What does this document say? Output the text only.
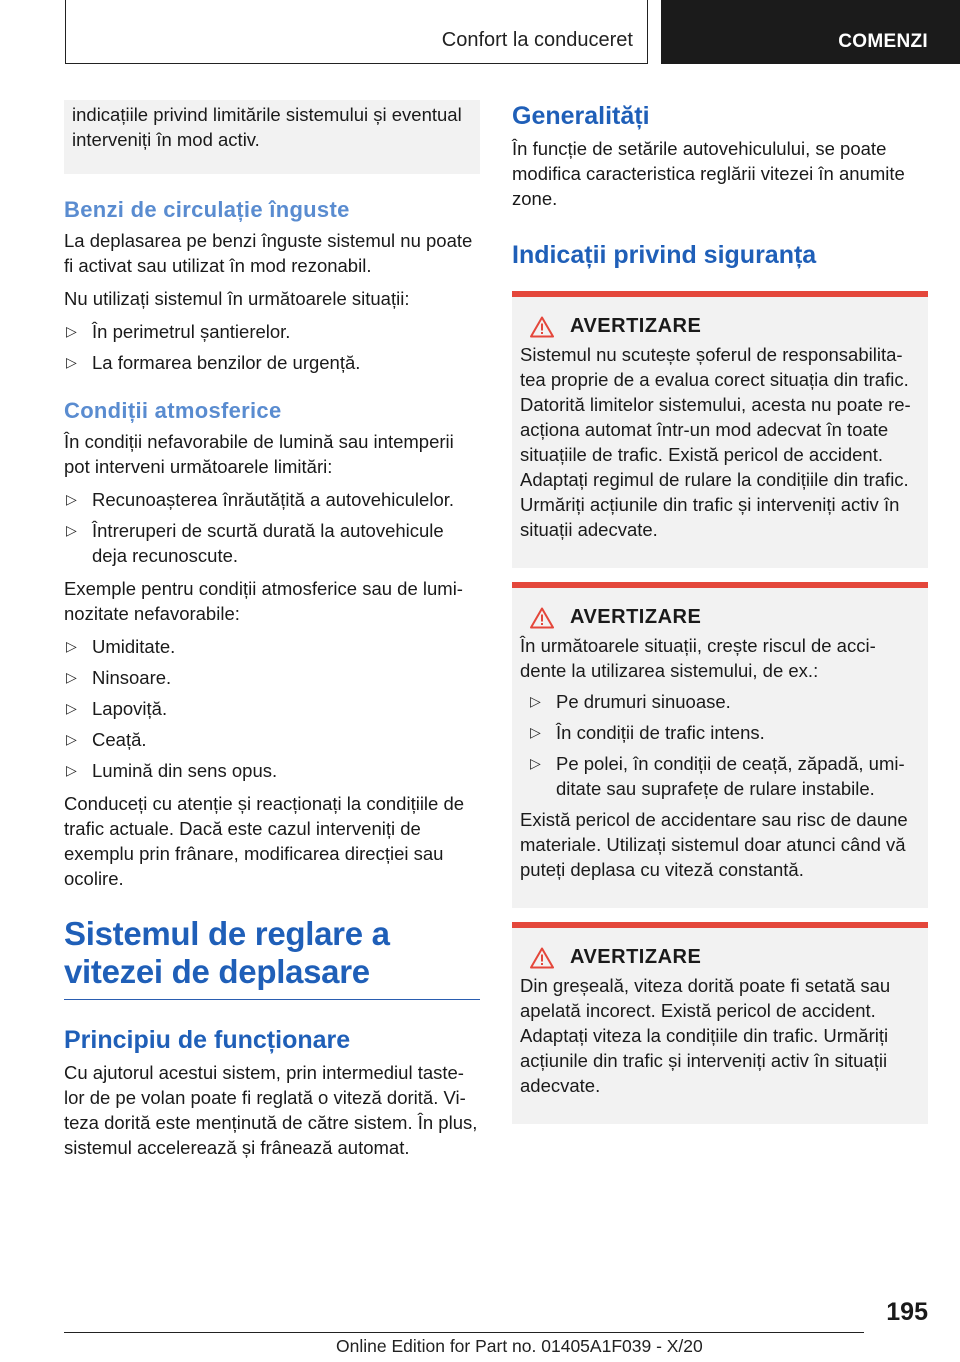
Confort la conduceret	COMENZI

indicațiile privind limitările sistemului și eventual interveniți în mod activ.

Benzi de circulație înguste

La deplasarea pe benzi înguste sistemul nu poate fi activat sau utilizat în mod rezonabil.

Nu utilizați sistemul în următoarele situații:

▷ În perimetrul șantierelor.
▷ La formarea benzilor de urgență.
Condiții atmosferice

În condiții nefavorabile de lumină sau intemperii pot interveni următoarele limitări:

▷ Recunoașterea înrăutățită a autovehiculelor.
▷ Întreruperi de scurtă durată la autovehicule deja recunoscute.

Exemple pentru condiții atmosferice sau de lumi-nozitate nefavorabile:

▷ Umiditate.
▷ Ninsoare.
▷ Lapoviță.
▷ Ceață.
▷ Lumină din sens opus.

Conduceți cu atenție și reacționați la condițiile de trafic actuale. Dacă este cazul interveniți de exemplu prin frânare, modificarea direcției sau ocolire.

Sistemul de reglare a
vitezei de deplasare
Principiu de funcționare

Cu ajutorul acestui sistem, prin intermediul taste-lor de pe volan poate fi reglată o viteză dorită. Vi-teza dorită este menținută de către sistem. În plus, sistemul accelerează și frânează automat.

Generalități

În funcție de setările autovehiculului, se poate modifica caracteristica reglării vitezei în anumite zone.

Indicații privind siguranța
AVERTIZARE

Sistemul nu scutește șoferul de responsabilita-tea proprie de a evalua corect situația din trafic. Datorită limitelor sistemului, acesta nu poate re-acționa automat într-un mod adecvat în toate situațiile de trafic. Există pericol de accident. Adaptați regimul de rulare la condițiile din trafic. Urmăriți acțiunile din trafic și interveniți activ în situații adecvate.

AVERTIZARE

În următoarele situații, crește riscul de acci-dente la utilizarea sistemului, de ex.:

▷ Pe drumuri sinuoase.
▷ În condiții de trafic intens.
▷ Pe polei, în condiții de ceață, zăpadă, umi-ditate sau suprafețe de rulare instabile.

Există pericol de accidentare sau risc de daune materiale. Utilizați sistemul doar atunci când vă puteți deplasa cu viteză constantă.

AVERTIZARE

Din greșeală, viteza dorită poate fi setată sau apelată incorect. Există pericol de accident. Adaptați viteza la condițiile din trafic. Urmăriți acțiunile din trafic și interveniți activ în situații adecvate.

195
Online Edition for Part no. 01405A1F039 - X/20
